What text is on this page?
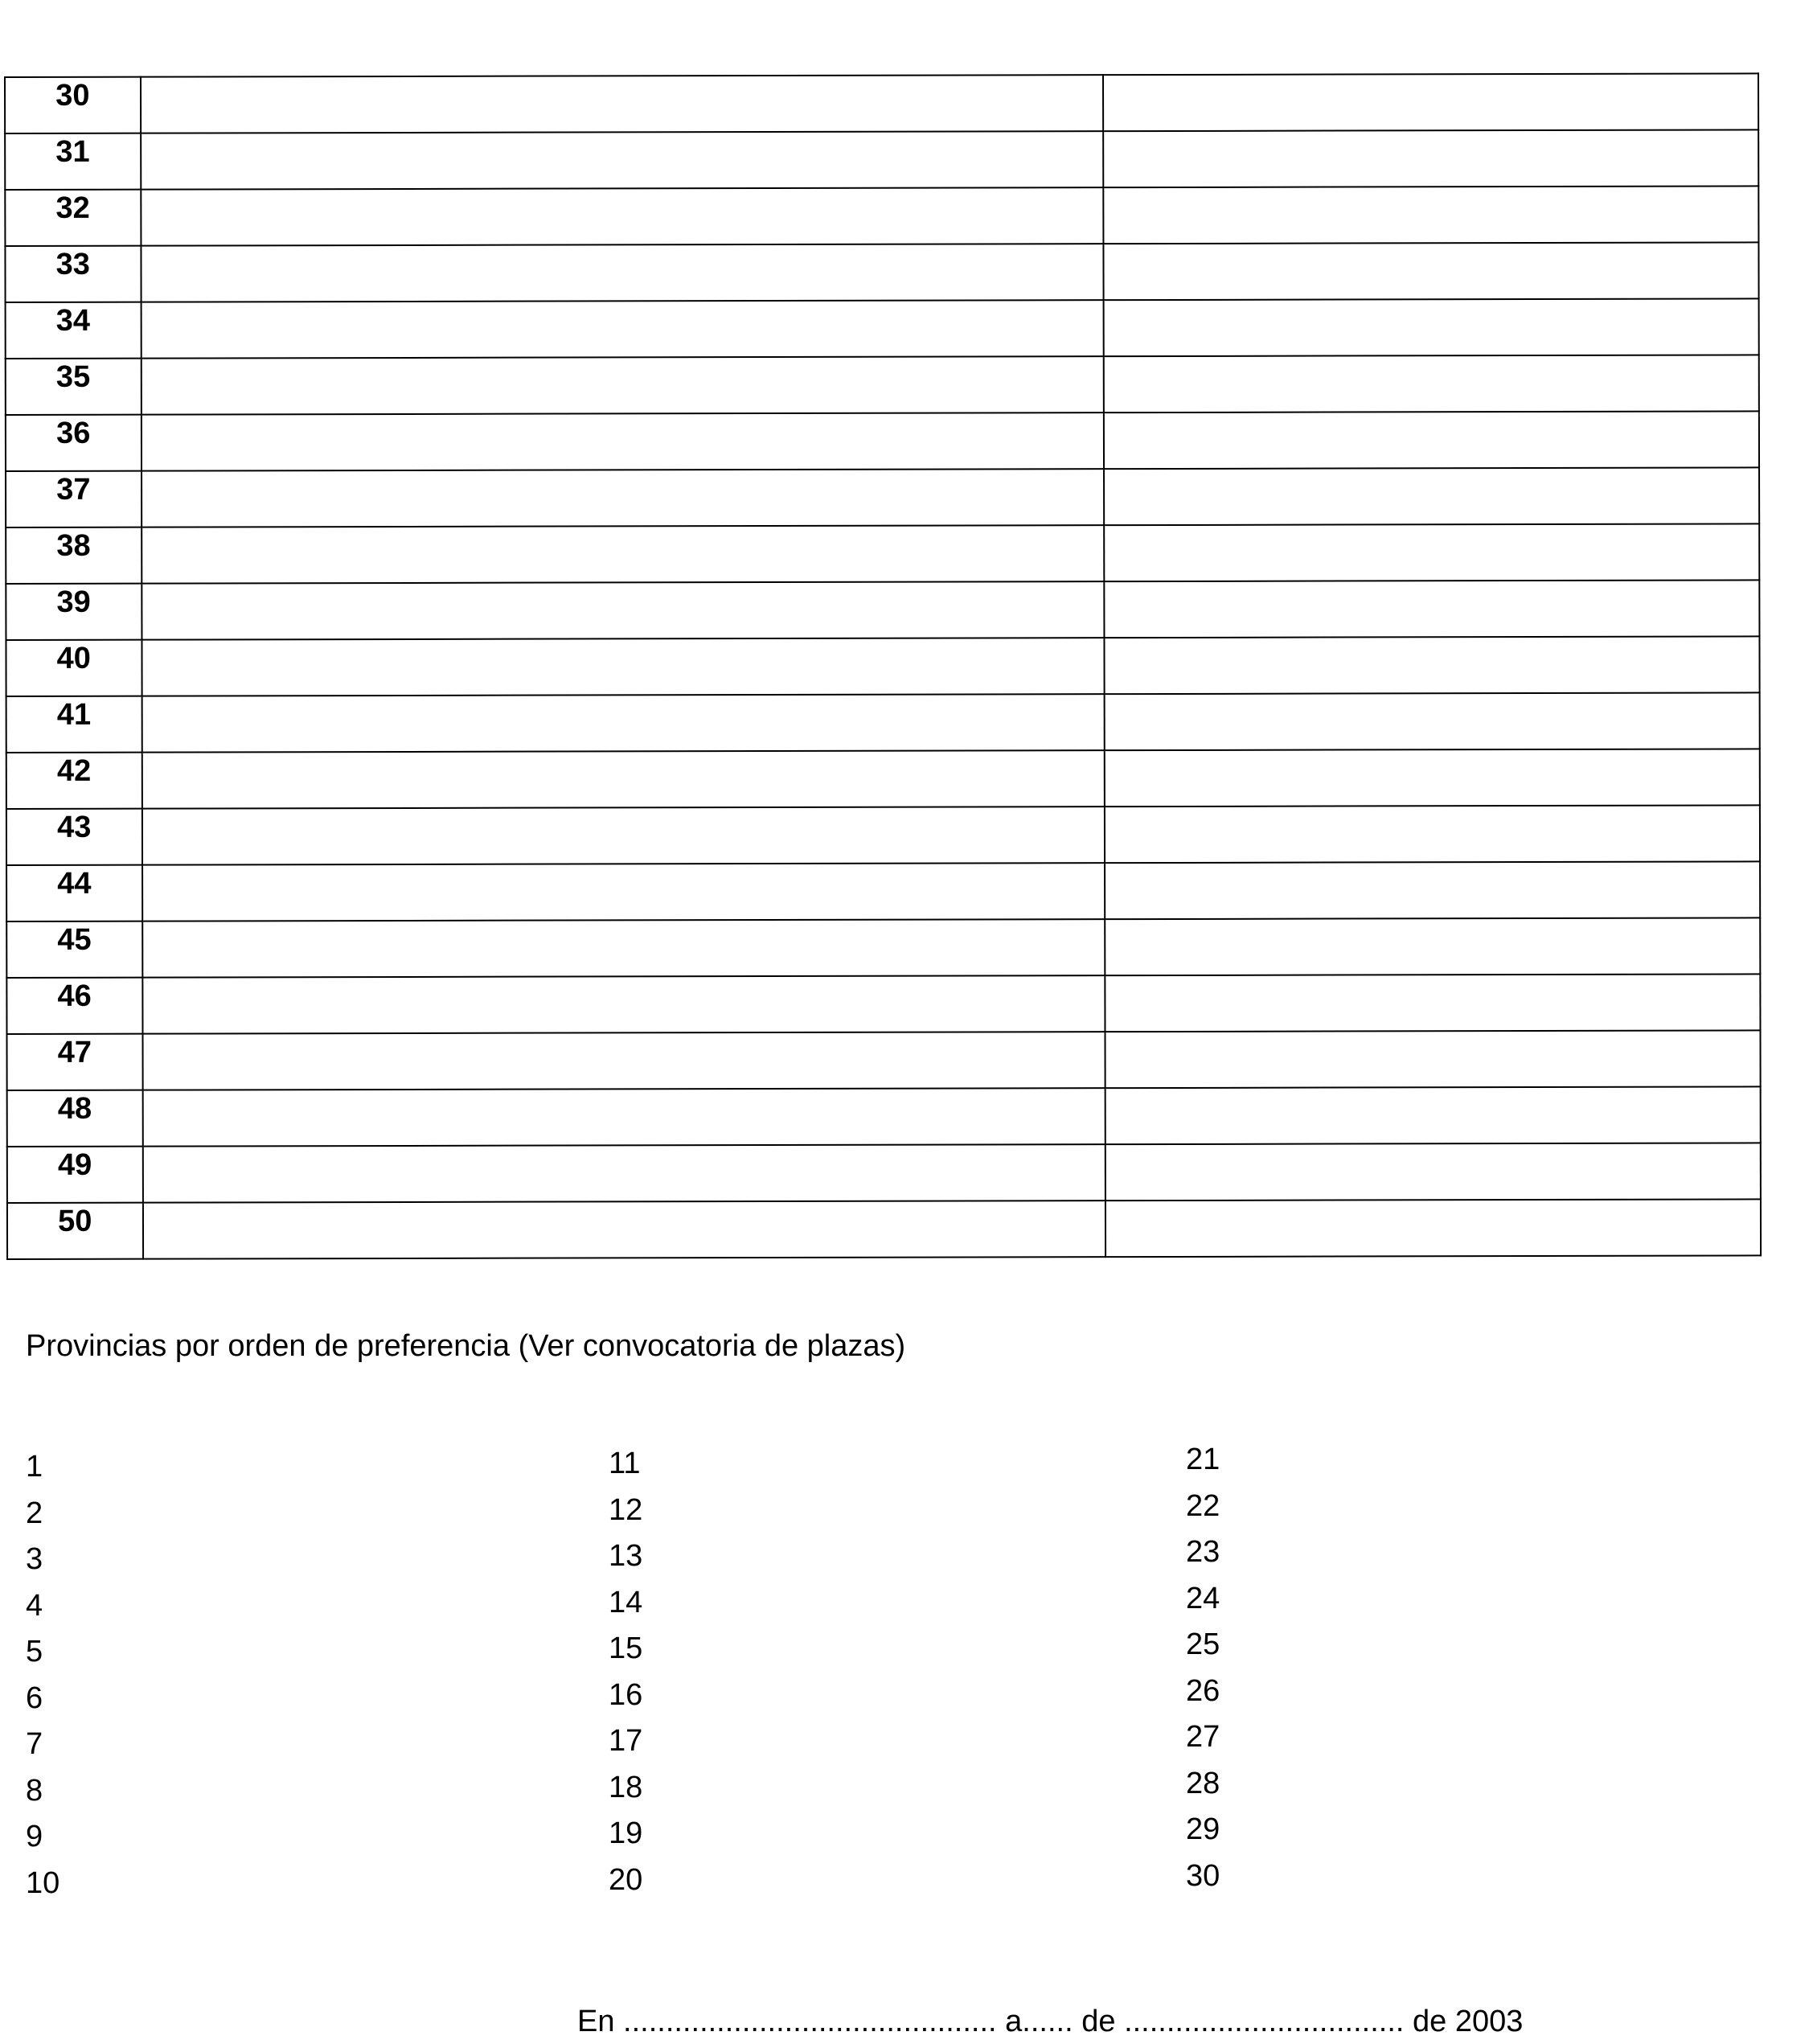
30		
31		
32		
33		
34		
35		
36		
37		
38		
39		
40		
41		
42		
43		
44		
45		
46		
47		
48		
49		
50		
Provincias por orden de preferencia (Ver convocatoria de plazas)
1
2
3
4
5
6
7
8
9
10
11
12
13
14
15
16
17
18
19
20
21
22
23
24
25
26
27
28
29
30
En ............................................ a...... de ................................. de 2003
